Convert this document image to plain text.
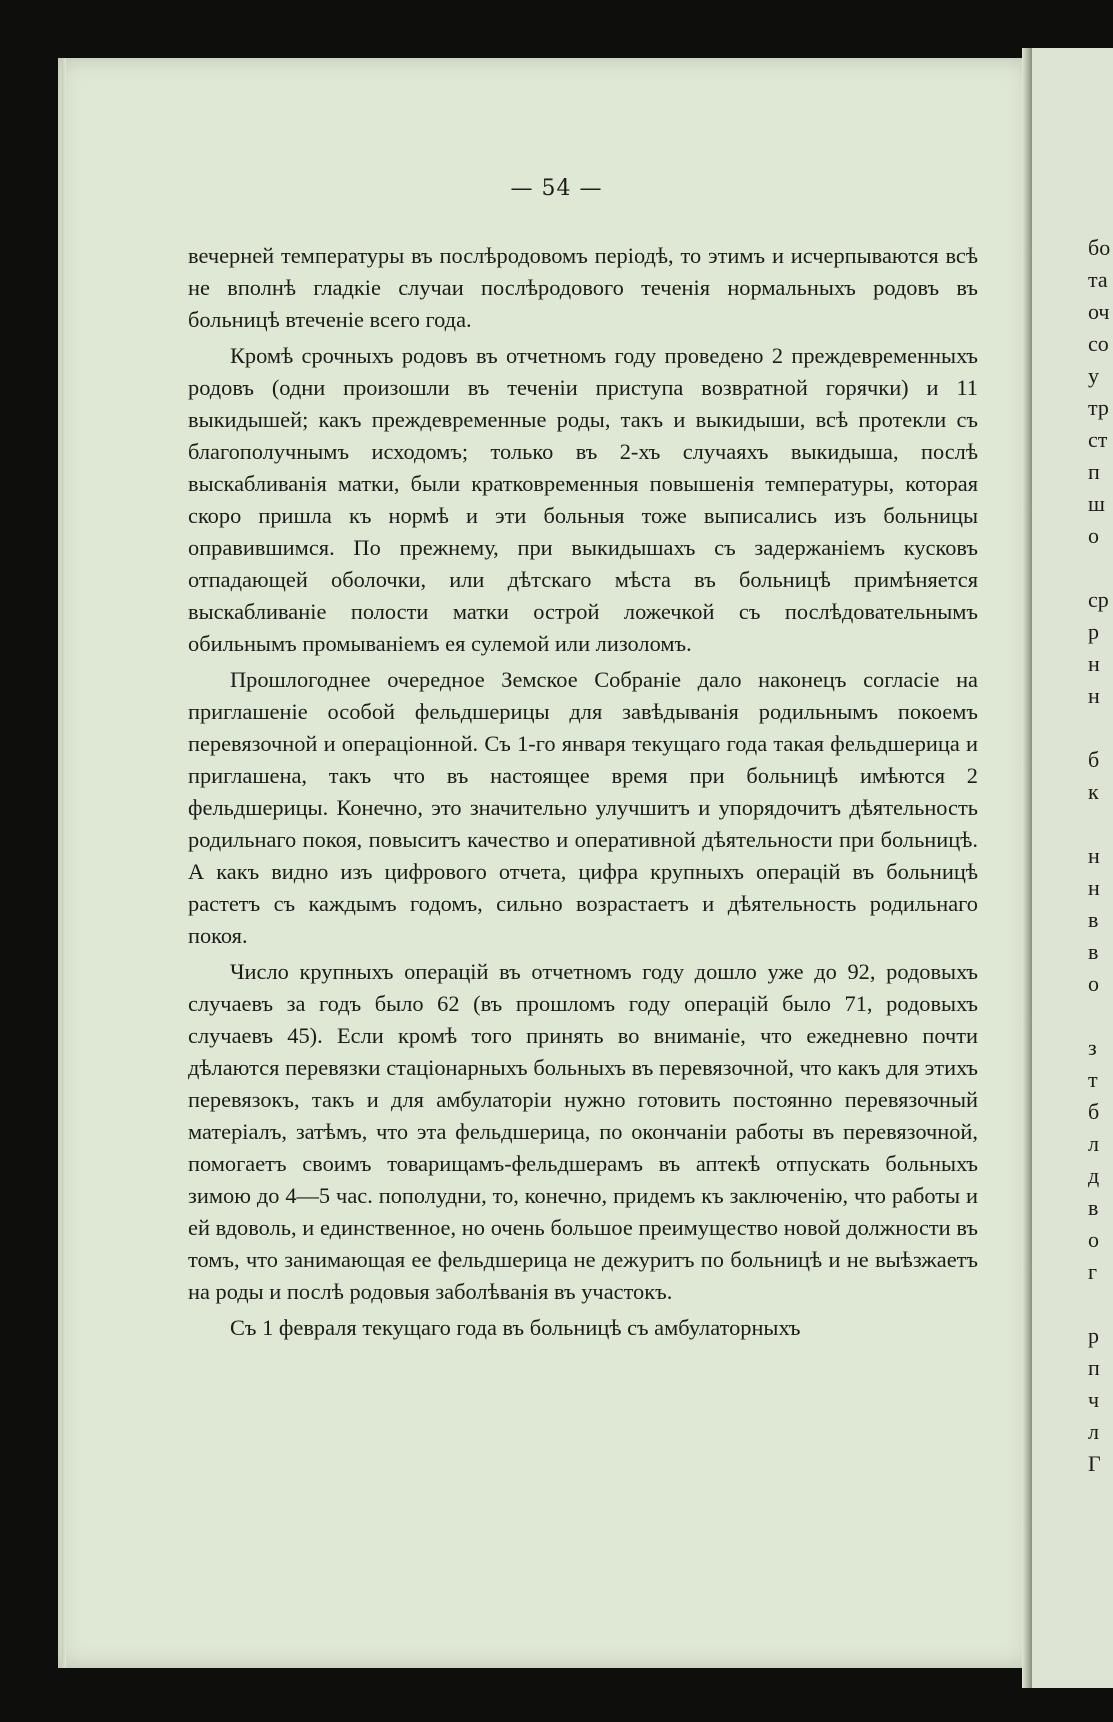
— 54 —

вечерней температуры въ послѣродовомъ періодѣ, то этимъ и исчерпываются всѣ не вполнѣ гладкіе случаи послѣродового теченія нормальныхъ родовъ въ больницѣ втеченіе всего года.

Кромѣ срочныхъ родовъ въ отчетномъ году проведено 2 преждевременныхъ родовъ (одни произошли въ теченіи приступа возвратной горячки) и 11 выкидышей; какъ преждевременные роды, такъ и выкидыши, всѣ протекли съ благополучнымъ исходомъ; только въ 2-хъ случаяхъ выкидыша, послѣ выскабливанія матки, были кратковременныя повышенія температуры, которая скоро пришла къ нормѣ и эти больныя тоже выписались изъ больницы оправившимся. По прежнему, при выкидышахъ съ задержаніемъ кусковъ отпадающей оболочки, или дѣтскаго мѣста въ больницѣ примѣняется выскабливаніе полости матки острой ложечкой съ послѣдовательнымъ обильнымъ промываніемъ ея сулемой или лизоломъ.

Прошлогоднее очередное Земское Собраніе дало наконецъ согласіе на приглашеніе особой фельдшерицы для завѣдыванія родильнымъ покоемъ перевязочной и операціонной. Съ 1-го января текущаго года такая фельдшерица и приглашена, такъ что въ настоящее время при больницѣ имѣются 2 фельдшерицы. Конечно, это значительно улучшитъ и упорядочитъ дѣятельность родильнаго покоя, повыситъ качество и оперативной дѣятельности при больницѣ. А какъ видно изъ цифрового отчета, цифра крупныхъ операцій въ больницѣ растетъ съ каждымъ годомъ, сильно возрастаетъ и дѣятельность родильнаго покоя.

Число крупныхъ операцій въ отчетномъ году дошло уже до 92, родовыхъ случаевъ за годъ было 62 (въ прошломъ году операцій было 71, родовыхъ случаевъ 45). Если кромѣ того принять во вниманіе, что ежедневно почти дѣлаются перевязки стаціонарныхъ больныхъ въ перевязочной, что какъ для этихъ перевязокъ, такъ и для амбулаторіи нужно готовить постоянно перевязочный матеріалъ, затѣмъ, что эта фельдшерица, по окончаніи работы въ перевязочной, помогаетъ своимъ товарищамъ-фельдшерамъ въ аптекѣ отпускать больныхъ зимою до 4—5 час. пополудни, то, конечно, придемъ къ заключенію, что работы и ей вдоволь, и единственное, но очень большое преимущество новой должности въ томъ, что занимающая ее фельдшерица не дежуритъ по больницѣ и не выѣзжаетъ на роды и послѣ родовыя заболѣванія въ участокъ.

Съ 1 февраля текущаго года въ больницѣ съ амбулаторныхъ

бо
та
оч
со
у
тр
ст
п
ш
о

ср
р
н
н

б
к

н
н
в
в
о

з
т
б
л
д
в
о
г

р
п
ч
л
Г
